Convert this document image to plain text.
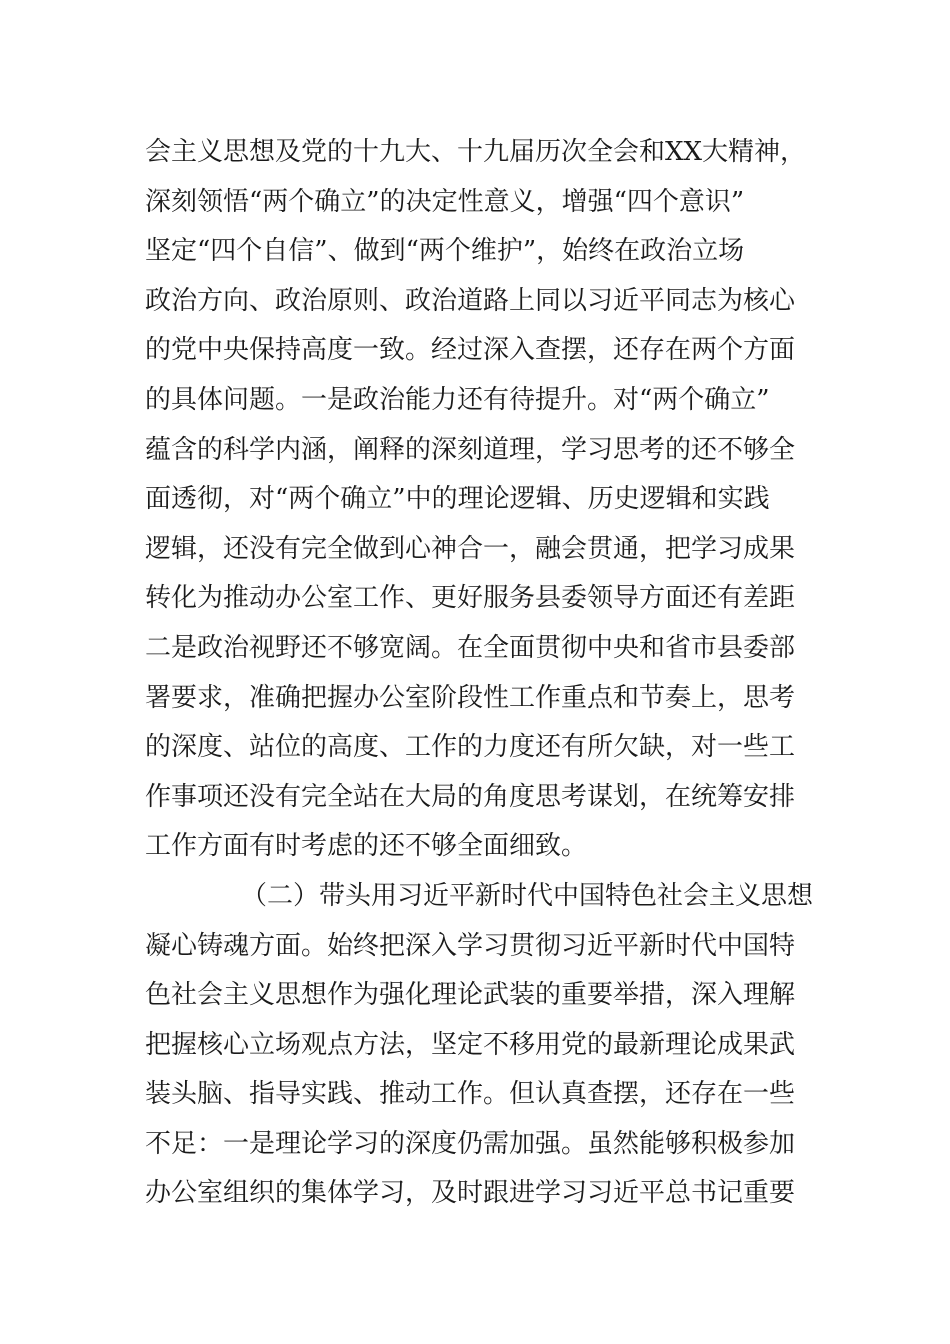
会主义思想及党的十九大、十九届历次全会和XX大精神，
深刻领悟“两个确立”的决定性意义，增强“四个意识”
坚定“四个自信”、做到“两个维护”，始终在政治立场
政治方向、政治原则、政治道路上同以习近平同志为核心
的党中央保持高度一致。经过深入查摆，还存在两个方面
的具体问题。一是政治能力还有待提升。对“两个确立”
蕴含的科学内涵，阐释的深刻道理，学习思考的还不够全
面透彻，对“两个确立”中的理论逻辑、历史逻辑和实践
逻辑，还没有完全做到心神合一，融会贯通，把学习成果
转化为推动办公室工作、更好服务县委领导方面还有差距
二是政治视野还不够宽阔。在全面贯彻中央和省市县委部
署要求，准确把握办公室阶段性工作重点和节奏上，思考
的深度、站位的高度、工作的力度还有所欠缺，对一些工
作事项还没有完全站在大局的角度思考谋划，在统筹安排
工作方面有时考虑的还不够全面细致。
（二）带头用习近平新时代中国特色社会主义思想
凝心铸魂方面。始终把深入学习贯彻习近平新时代中国特
色社会主义思想作为强化理论武装的重要举措，深入理解
把握核心立场观点方法，坚定不移用党的最新理论成果武
装头脑、指导实践、推动工作。但认真查摆，还存在一些
不足：一是理论学习的深度仍需加强。虽然能够积极参加
办公室组织的集体学习，及时跟进学习习近平总书记重要
